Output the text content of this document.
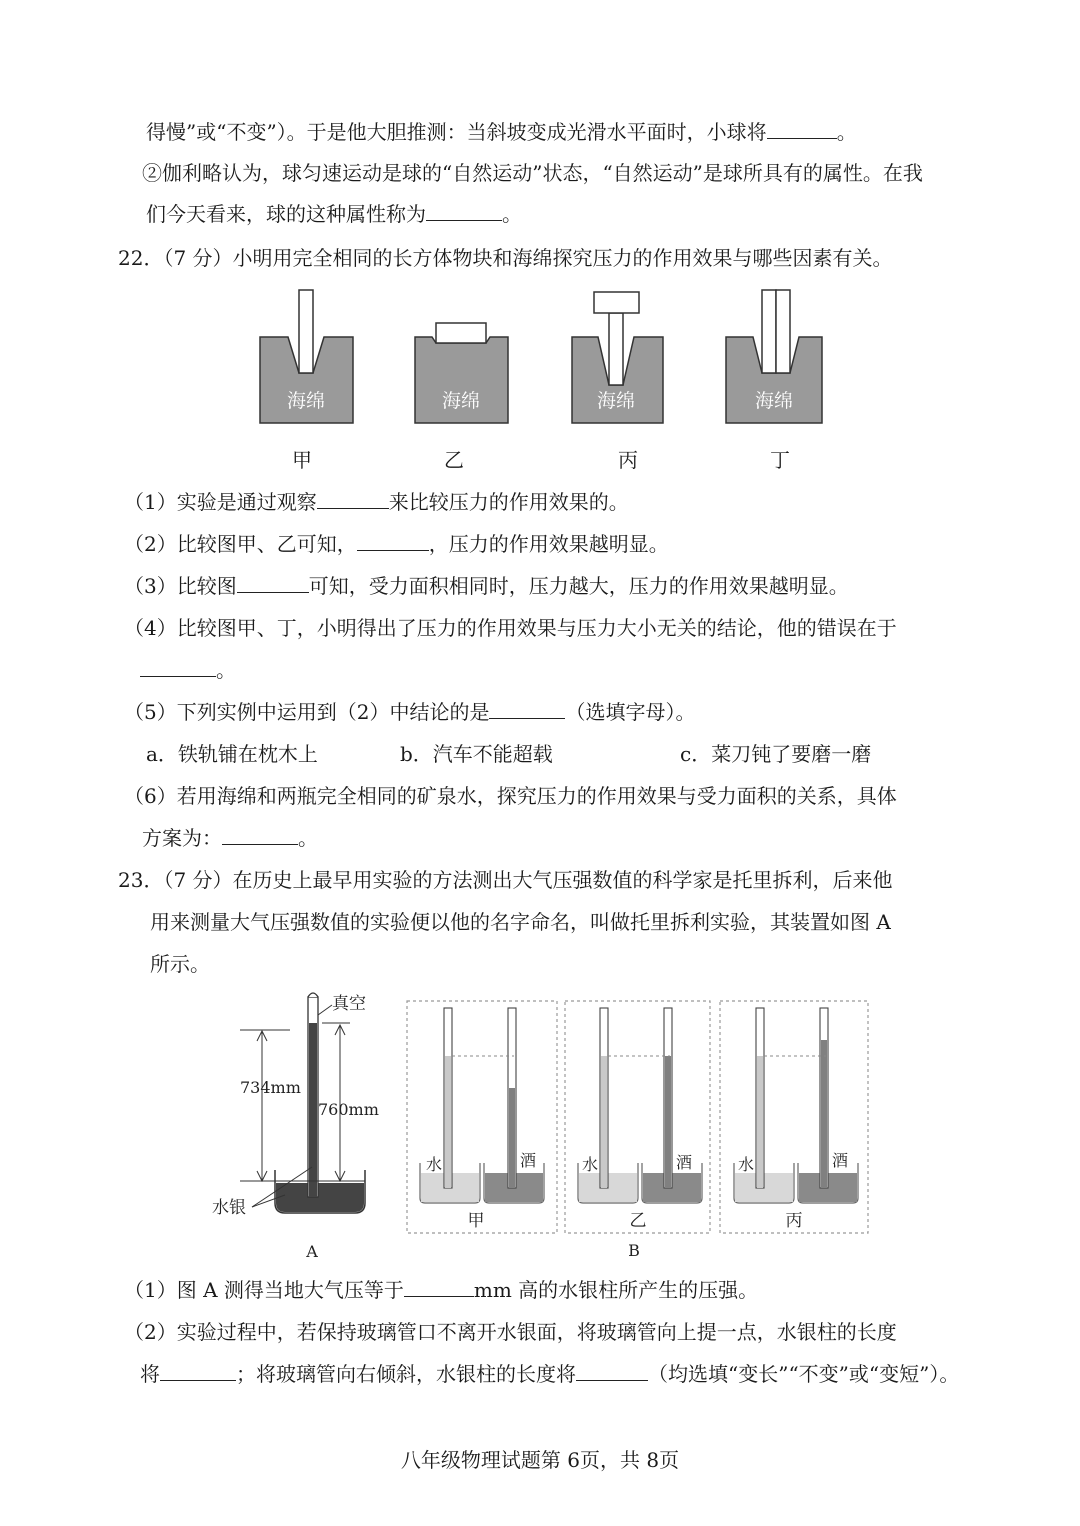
得慢”或“不变”）。于是他大胆推测：当斜坡变成光滑水平面时，小球将	。
②伽利略认为，球匀速运动是球的“自然运动”状态，“自然运动”是球所具有的属性。在我
们今天看来，球的这种属性称为	。
22．（7 分）小明用完全相同的长方体物块和海绵探究压力的作用效果与哪些因素有关。
海绵	海绵	海绵	海绵
甲	乙	丙	丁
（1）实验是通过观察	来比较压力的作用效果的。
（2）比较图甲、乙可知，	，压力的作用效果越明显。
（3）比较图	可知，受力面积相同时，压力越大，压力的作用效果越明显。
（4）比较图甲、丁，小明得出了压力的作用效果与压力大小无关的结论，他的错误在于
。
（5）下列实例中运用到（2）中结论的是	（选填字母）。
a．铁轨铺在枕木上	b．汽车不能超载	c．菜刀钝了要磨一磨
（6）若用海绵和两瓶完全相同的矿泉水，探究压力的作用效果与受力面积的关系，具体
方案为：	。
23．（7 分）在历史上最早用实验的方法测出大气压强数值的科学家是托里拆利，后来他
用来测量大气压强数值的实验便以他的名字命名，叫做托里拆利实验，其装置如图 A
所示。
真空
734mm
760mm
水银
A
水	酒
甲
水	酒
乙
水	酒
丙
B
（1）图 A 测得当地大气压等于	mm 高的水银柱所产生的压强。
（2）实验过程中，若保持玻璃管口不离开水银面，将玻璃管向上提一点，水银柱的长度
将	；将玻璃管向右倾斜，水银柱的长度将	（均选填“变长”“不变”或“变短”）。
八年级物理试题第 6页，共 8页
